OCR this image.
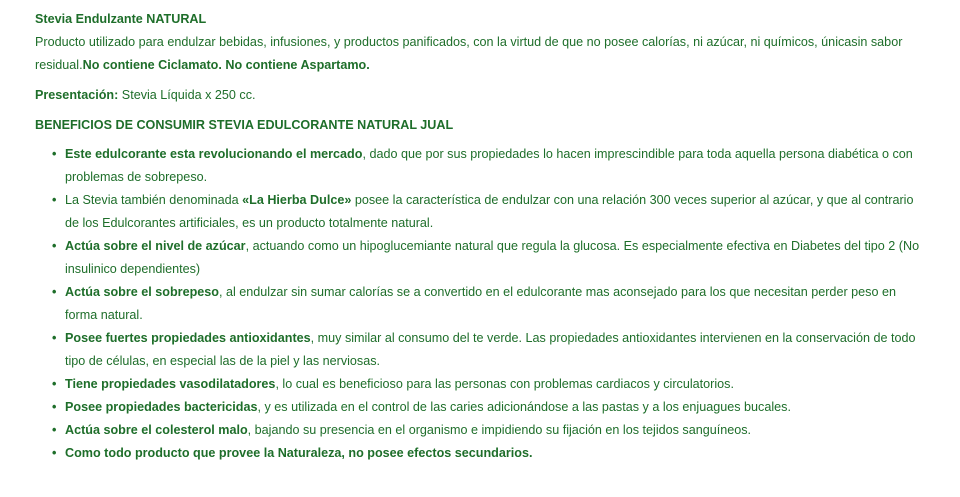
Stevia Endulzante NATURAL

Producto utilizado para endulzar bebidas, infusiones, y productos panificados, con la virtud de que no posee calorías, ni azúcar, ni químicos, únicasin sabor residual.No contiene Ciclamato. No contiene Aspartamo.

Presentación: Stevia Líquida x 250 cc.

BENEFICIOS DE CONSUMIR STEVIA EDULCORANTE NATURAL JUAL

• Este edulcorante esta revolucionando el mercado, dado que por sus propiedades lo hacen imprescindible para toda aquella persona diabética o con problemas de sobrepeso.
• La Stevia también denominada «La Hierba Dulce» posee la característica de endulzar con una relación 300 veces superior al azúcar, y que al contrario de los Edulcorantes artificiales, es un producto totalmente natural.
• Actúa sobre el nivel de azúcar, actuando como un hipoglucemiante natural que regula la glucosa. Es especialmente efectiva en Diabetes del tipo 2 (No insulinico dependientes)
• Actúa sobre el sobrepeso, al endulzar sin sumar calorías se a convertido en el edulcorante mas aconsejado para los que necesitan perder peso en forma natural.
• Posee fuertes propiedades antioxidantes, muy similar al consumo del te verde. Las propiedades antioxidantes intervienen en la conservación de todo tipo de células, en especial las de la piel y las nerviosas.
• Tiene propiedades vasodilatadores, lo cual es beneficioso para las personas con problemas cardiacos y circulatorios.
• Posee propiedades bactericidas, y es utilizada en el control de las caries adicionándose a las pastas y a los enjuagues bucales.
• Actúa sobre el colesterol malo, bajando su presencia en el organismo e impidiendo su fijación en los tejidos sanguíneos.
• Como todo producto que provee la Naturaleza, no posee efectos secundarios.
